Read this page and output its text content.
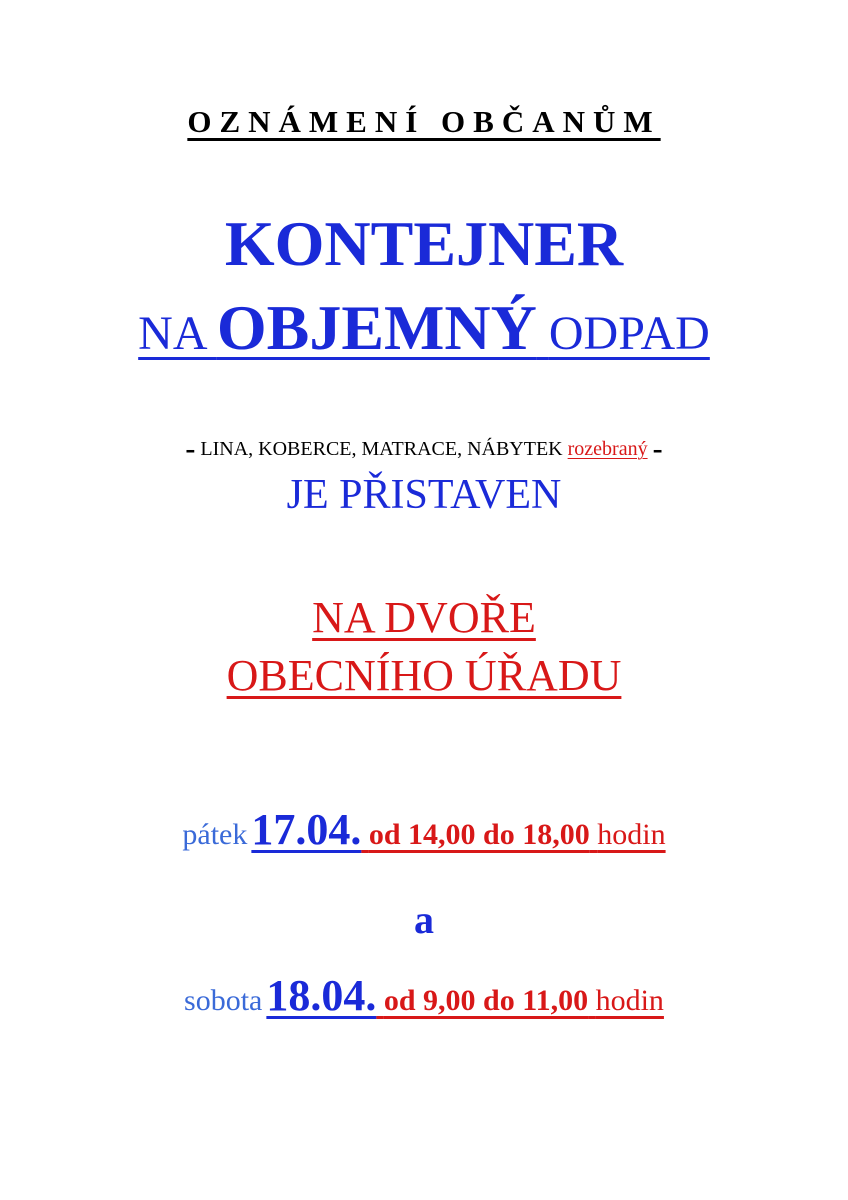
OZNÁMENÍ OBČANŮM
KONTEJNER
NA OBJEMNÝ ODPAD
- LINA, KOBERCE, MATRACE, NÁBYTEK rozebraný -
JE PŘISTAVEN
NA DVOŘE
OBECNÍHO ÚŘADU
pátek 17.04. od 14,00 do 18,00 hodin
a
sobota 18.04. od 9,00 do 11,00 hodin
